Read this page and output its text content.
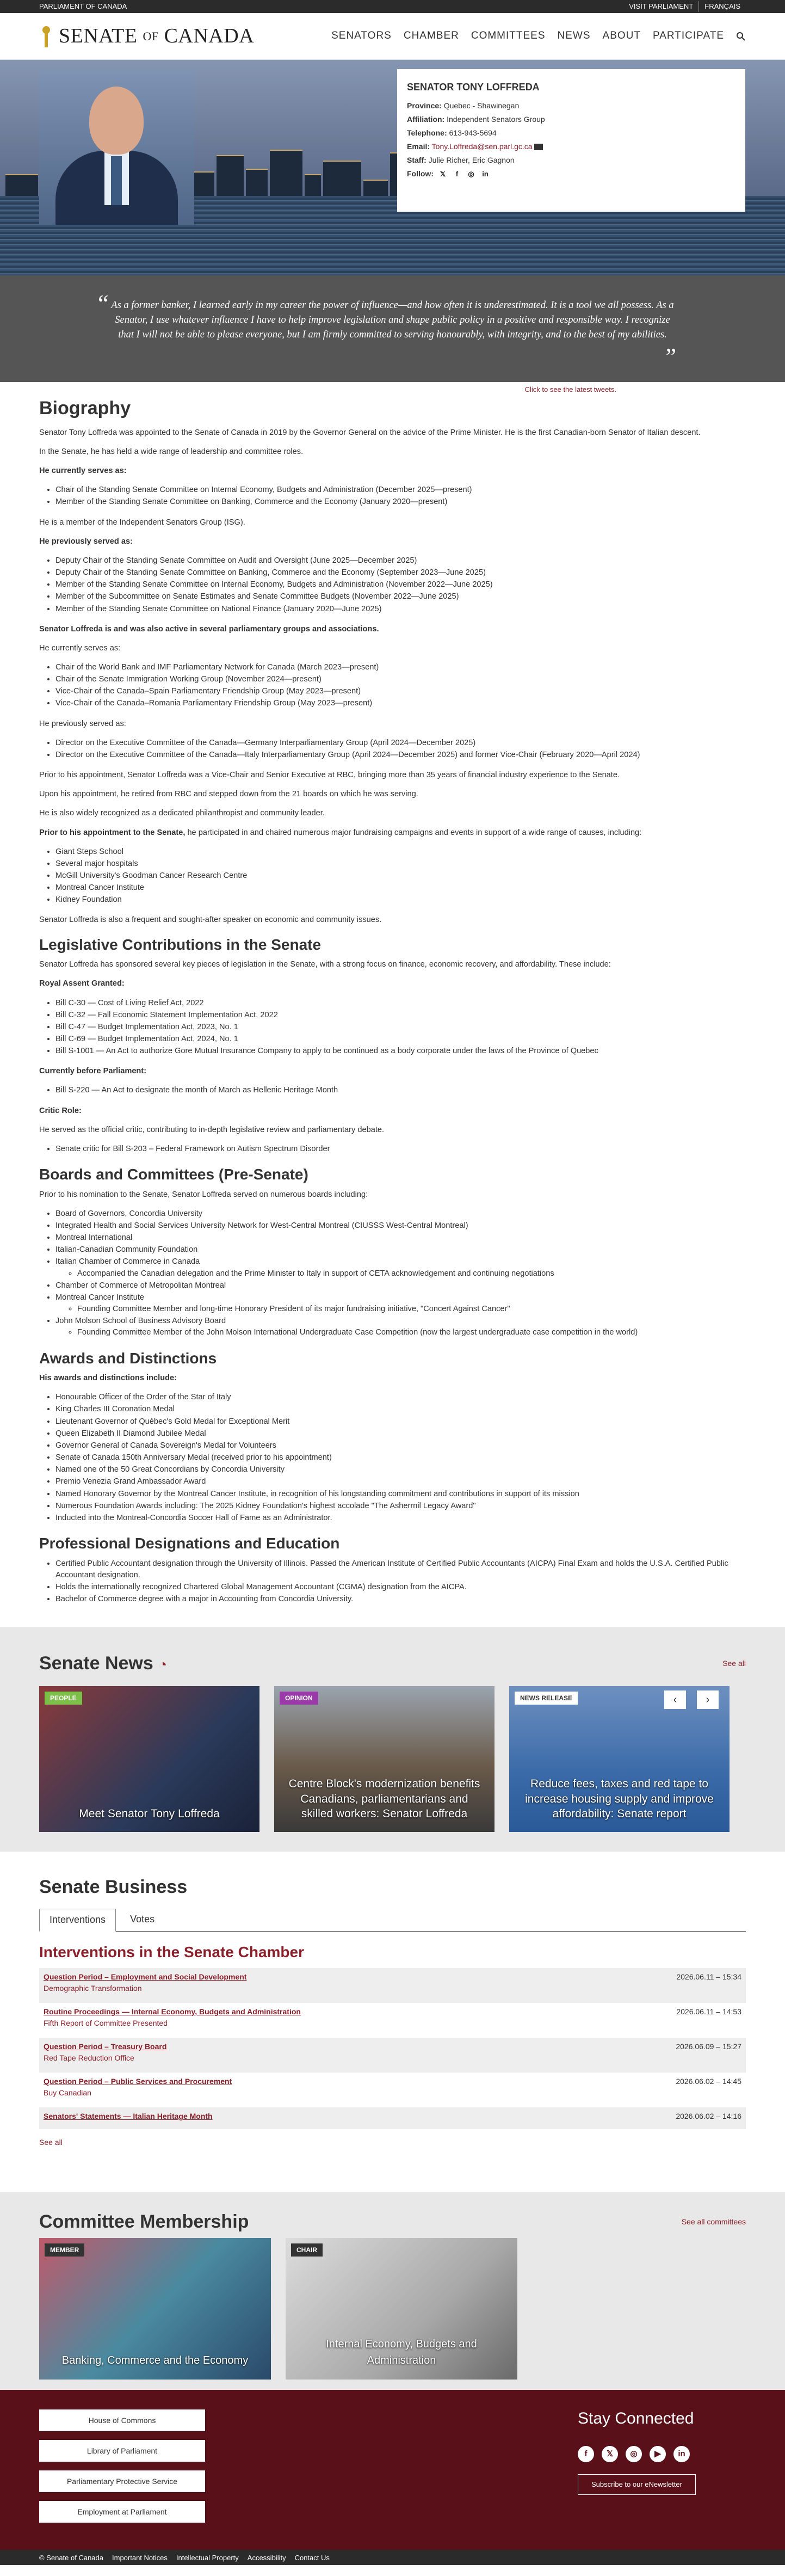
PARLIAMENT OF CANADA	VISIT PARLIAMENT	FRANÇAIS
SENATE OF CANADA	SENATORS CHAMBER COMMITTEES NEWS ABOUT PARTICIPATE
SENATOR TONY LOFFREDA

Province: Quebec - Shawinegan

Affiliation: Independent Senators Group

Telephone: 613-943-5694

Email: Tony.Loffreda@sen.parl.gc.ca

Staff: Julie Richer, Eric Gagnon

Follow: 𝕏	f	◎ in
“ As a former banker, I learned early in my career the power of influence—and how often it is underestimated. It is a tool we all possess. As a Senator, I use whatever influence I have to help improve legislation and shape public policy in a positive and responsible way. I recognize that I will not be able to please everyone, but I am firmly committed to serving honourably, with integrity, and to the best of my abilities.

”
Click to see the latest tweets.
Biography

Senator Tony Loffreda was appointed to the Senate of Canada in 2019 by the Governor General on the advice of the Prime Minister. He is the first Canadian-born Senator of Italian descent.

In the Senate, he has held a wide range of leadership and committee roles.

He currently serves as:

• Chair of the Standing Senate Committee on Internal Economy, Budgets and Administration (December 2025—present)
• Member of the Standing Senate Committee on Banking, Commerce and the Economy (January 2020—present)

He is a member of the Independent Senators Group (ISG).

He previously served as:

• Deputy Chair of the Standing Senate Committee on Audit and Oversight (June 2025—December 2025)
• Deputy Chair of the Standing Senate Committee on Banking, Commerce and the Economy (September 2023—June 2025)
• Member of the Standing Senate Committee on Internal Economy, Budgets and Administration (November 2022—June 2025)
• Member of the Subcommittee on Senate Estimates and Senate Committee Budgets (November 2022—June 2025)
• Member of the Standing Senate Committee on National Finance (January 2020—June 2025)

Senator Loffreda is and was also active in several parliamentary groups and associations.

He currently serves as:

• Chair of the World Bank and IMF Parliamentary Network for Canada (March 2023—present)
• Chair of the Senate Immigration Working Group (November 2024—present)
• Vice-Chair of the Canada–Spain Parliamentary Friendship Group (May 2023—present)
• Vice-Chair of the Canada–Romania Parliamentary Friendship Group (May 2023—present)

He previously served as:

• Director on the Executive Committee of the Canada—Germany Interparliamentary Group (April 2024—December 2025)
• Director on the Executive Committee of the Canada—Italy Interparliamentary Group (April 2024—December 2025) and former Vice-Chair (February 2020—April 2024)

Prior to his appointment, Senator Loffreda was a Vice-Chair and Senior Executive at RBC, bringing more than 35 years of financial industry experience to the Senate.

Upon his appointment, he retired from RBC and stepped down from the 21 boards on which he was serving.

He is also widely recognized as a dedicated philanthropist and community leader.

Prior to his appointment to the Senate, he participated in and chaired numerous major fundraising campaigns and events in support of a wide range of causes, including:

• Giant Steps School
• Several major hospitals
• McGill University's Goodman Cancer Research Centre
• Montreal Cancer Institute
• Kidney Foundation

Senator Loffreda is also a frequent and sought-after speaker on economic and community issues.

Legislative Contributions in the Senate

Senator Loffreda has sponsored several key pieces of legislation in the Senate, with a strong focus on finance, economic recovery, and affordability. These include:

Royal Assent Granted:

• Bill C-30 — Cost of Living Relief Act, 2022
• Bill C-32 — Fall Economic Statement Implementation Act, 2022
• Bill C-47 — Budget Implementation Act, 2023, No. 1
• Bill C-69 — Budget Implementation Act, 2024, No. 1
• Bill S-1001 — An Act to authorize Gore Mutual Insurance Company to apply to be continued as a body corporate under the laws of the Province of Quebec

Currently before Parliament:

• Bill S-220 — An Act to designate the month of March as Hellenic Heritage Month

Critic Role:

He served as the official critic, contributing to in-depth legislative review and parliamentary debate.

• Senate critic for Bill S-203 – Federal Framework on Autism Spectrum Disorder
Boards and Committees (Pre-Senate)

Prior to his nomination to the Senate, Senator Loffreda served on numerous boards including:

• Board of Governors, Concordia University
• Integrated Health and Social Services University Network for West-Central Montreal (CIUSSS West-Central Montreal)
• Montreal International
• Italian-Canadian Community Foundation
• Italian Chamber of Commerce in Canada
◦ Accompanied the Canadian delegation and the Prime Minister to Italy in support of CETA acknowledgement and continuing negotiations
• Chamber of Commerce of Metropolitan Montreal
• Montreal Cancer Institute
◦ Founding Committee Member and long-time Honorary President of its major fundraising initiative, "Concert Against Cancer"
• John Molson School of Business Advisory Board
◦ Founding Committee Member of the John Molson International Undergraduate Case Competition (now the largest undergraduate case competition in the world)
Awards and Distinctions

His awards and distinctions include:

• Honourable Officer of the Order of the Star of Italy
• King Charles III Coronation Medal
• Lieutenant Governor of Québec's Gold Medal for Exceptional Merit
• Queen Elizabeth II Diamond Jubilee Medal
• Governor General of Canada Sovereign's Medal for Volunteers
• Senate of Canada 150th Anniversary Medal (received prior to his appointment)
• Named one of the 50 Great Concordians by Concordia University
• Premio Venezia Grand Ambassador Award
• Named Honorary Governor by the Montreal Cancer Institute, in recognition of his longstanding commitment and contributions in support of its mission
• Numerous Foundation Awards including: The 2025 Kidney Foundation's highest accolade "The Asherrnil Legacy Award"
• Inducted into the Montreal-Concordia Soccer Hall of Fame as an Administrator.
Professional Designations and Education
• Certified Public Accountant designation through the University of Illinois. Passed the American Institute of Certified Public Accountants (AICPA) Final Exam and holds the U.S.A. Certified Public Accountant designation.
• Holds the internationally recognized Chartered Global Management Accountant (CGMA) designation from the AICPA.
• Bachelor of Commerce degree with a major in Accounting from Concordia University.
Senate News ◔	See all
PEOPLE
Meet Senator Tony Loffreda
OPINION
Centre Block's modernization benefits Canadians, parliamentarians and skilled workers: Senator Loffreda
NEWS RELEASE	‹	›
Reduce fees, taxes and red tape to increase housing supply and improve affordability: Senate report
Senate Business
Interventions	Votes
Interventions in the Senate Chamber
Question Period – Employment and Social Development
Demographic Transformation
2026.06.11 – 15:34
Routine Proceedings — Internal Economy, Budgets and Administration
Fifth Report of Committee Presented
2026.06.11 – 14:53
Question Period – Treasury Board
Red Tape Reduction Office
2026.06.09 – 15:27
Question Period – Public Services and Procurement
Buy Canadian
2026.06.02 – 14:45
Senators' Statements — Italian Heritage Month	2026.06.02 – 14:16
See all
Committee Membership	See all committees
MEMBER
Banking, Commerce and the Economy
CHAIR
Internal Economy, Budgets and Administration
House of Commons
Library of Parliament
Parliamentary Protective Service
Employment at Parliament
Stay Connected
f	𝕏	◎	▶	in
Subscribe to our eNewsletter
© Senate of Canada Important Notices Intellectual Property Accessibility Contact Us
